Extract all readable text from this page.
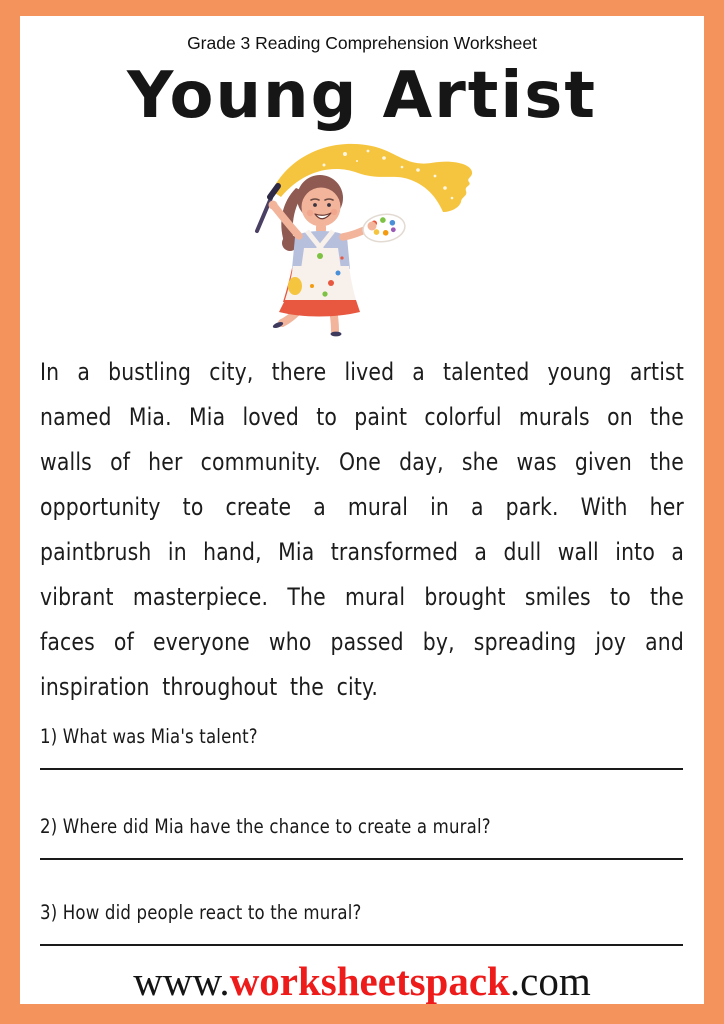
Grade 3 Reading Comprehension Worksheet
Young Artist
In a bustling city, there lived a talented young artist
named Mia. Mia loved to paint colorful murals on the
walls of her community. One day, she was given the
opportunity to create a mural in a park. With her
paintbrush in hand, Mia transformed a dull wall into a
vibrant masterpiece. The mural brought smiles to the
faces of everyone who passed by, spreading joy and
inspiration throughout the city.
1) What was Mia's talent?
2) Where did Mia have the chance to create a mural?
3) How did people react to the mural?
www.worksheetspack.com
